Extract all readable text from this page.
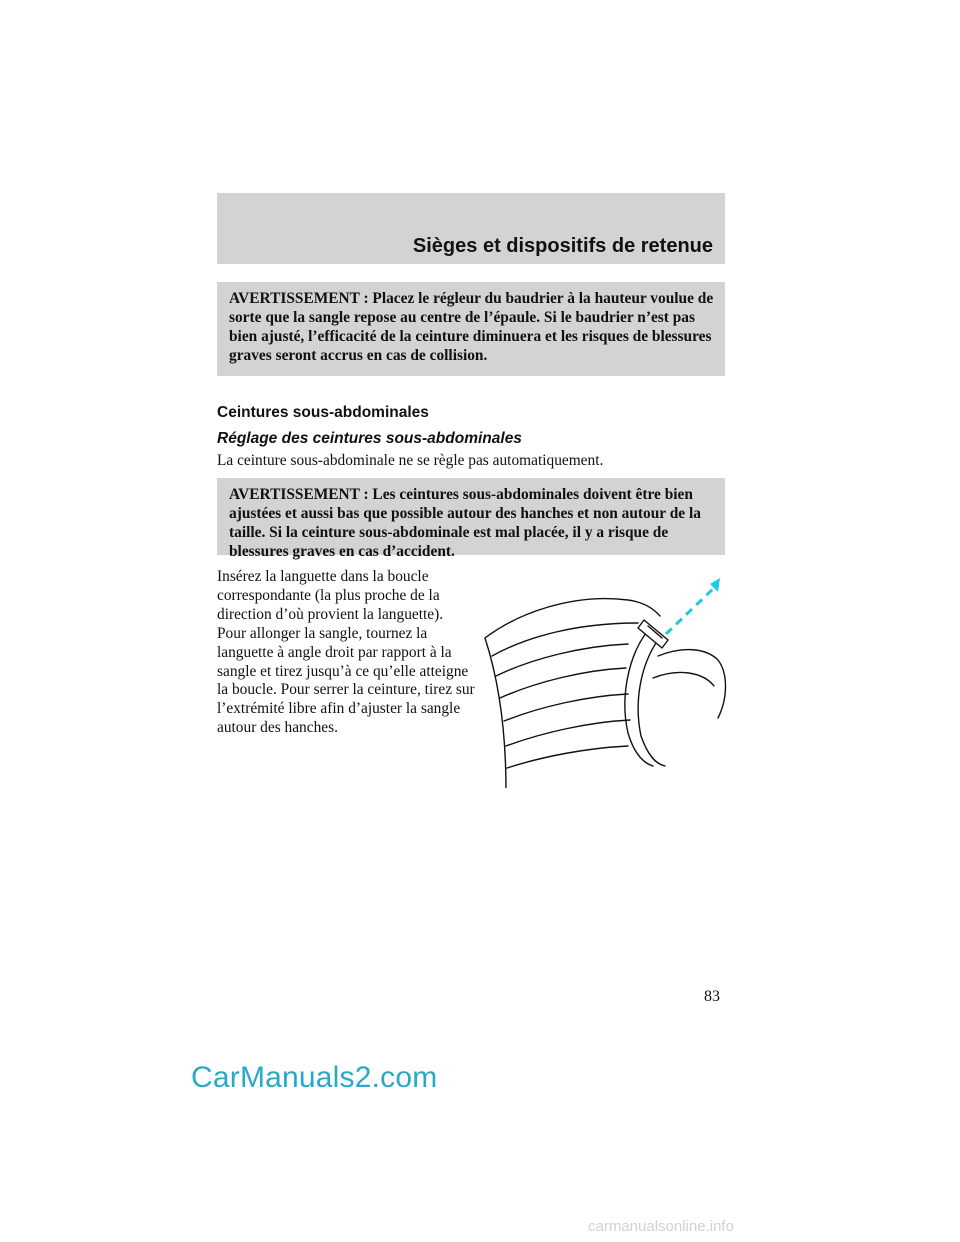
Sièges et dispositifs de retenue
AVERTISSEMENT : Placez le régleur du baudrier à la hauteur voulue de sorte que la sangle repose au centre de l’épaule. Si le baudrier n’est pas bien ajusté, l’efficacité de la ceinture diminuera et les risques de blessures graves seront accrus en cas de collision.
Ceintures sous-abdominales
Réglage des ceintures sous-abdominales
La ceinture sous-abdominale ne se règle pas automatiquement.
AVERTISSEMENT : Les ceintures sous-abdominales doivent être bien ajustées et aussi bas que possible autour des hanches et non autour de la taille. Si la ceinture sous-abdominale est mal placée, il y a risque de blessures graves en cas d’accident.
Insérez la languette dans la boucle correspondante (la plus proche de la direction d’où provient la languette). Pour allonger la sangle, tournez la languette à angle droit par rapport à la sangle et tirez jusqu’à ce qu’elle atteigne la boucle. Pour serrer la ceinture, tirez sur l’extrémité libre afin d’ajuster la sangle autour des hanches.
83
CarManuals2.com
carmanualsonline.info
